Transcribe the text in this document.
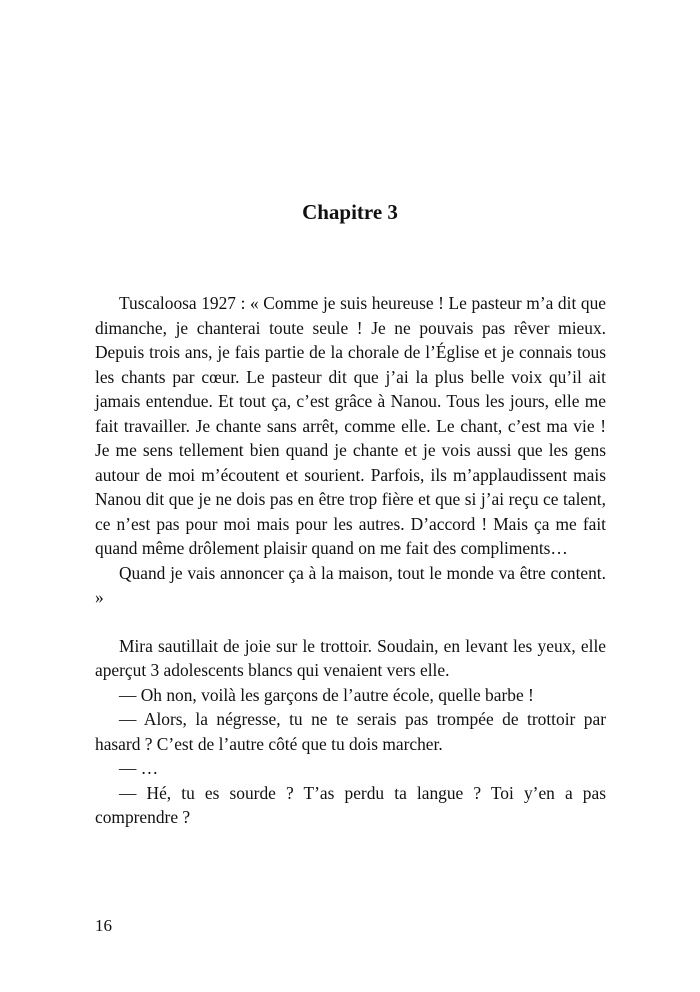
Chapitre 3

Tuscaloosa 1927 : « Comme je suis heureuse ! Le pasteur m’a dit que dimanche, je chanterai toute seule ! Je ne pouvais pas rêver mieux. Depuis trois ans, je fais partie de la chorale de l’Église et je connais tous les chants par cœur. Le pasteur dit que j’ai la plus belle voix qu’il ait jamais entendue. Et tout ça, c’est grâce à Nanou. Tous les jours, elle me fait travailler. Je chante sans arrêt, comme elle. Le chant, c’est ma vie ! Je me sens tellement bien quand je chante et je vois aussi que les gens autour de moi m’écoutent et sourient. Parfois, ils m’applaudissent mais Nanou dit que je ne dois pas en être trop fière et que si j’ai reçu ce talent, ce n’est pas pour moi mais pour les autres. D’accord ! Mais ça me fait quand même drôlement plaisir quand on me fait des compliments…

Quand je vais annoncer ça à la maison, tout le monde va être content. »

Mira sautillait de joie sur le trottoir. Soudain, en levant les yeux, elle aperçut 3 adolescents blancs qui venaient vers elle.

— Oh non, voilà les garçons de l’autre école, quelle barbe !

— Alors, la négresse, tu ne te serais pas trompée de trottoir par hasard ? C’est de l’autre côté que tu dois marcher.

— …

— Hé, tu es sourde ? T’as perdu ta langue ? Toi y’en a pas comprendre ?

16
